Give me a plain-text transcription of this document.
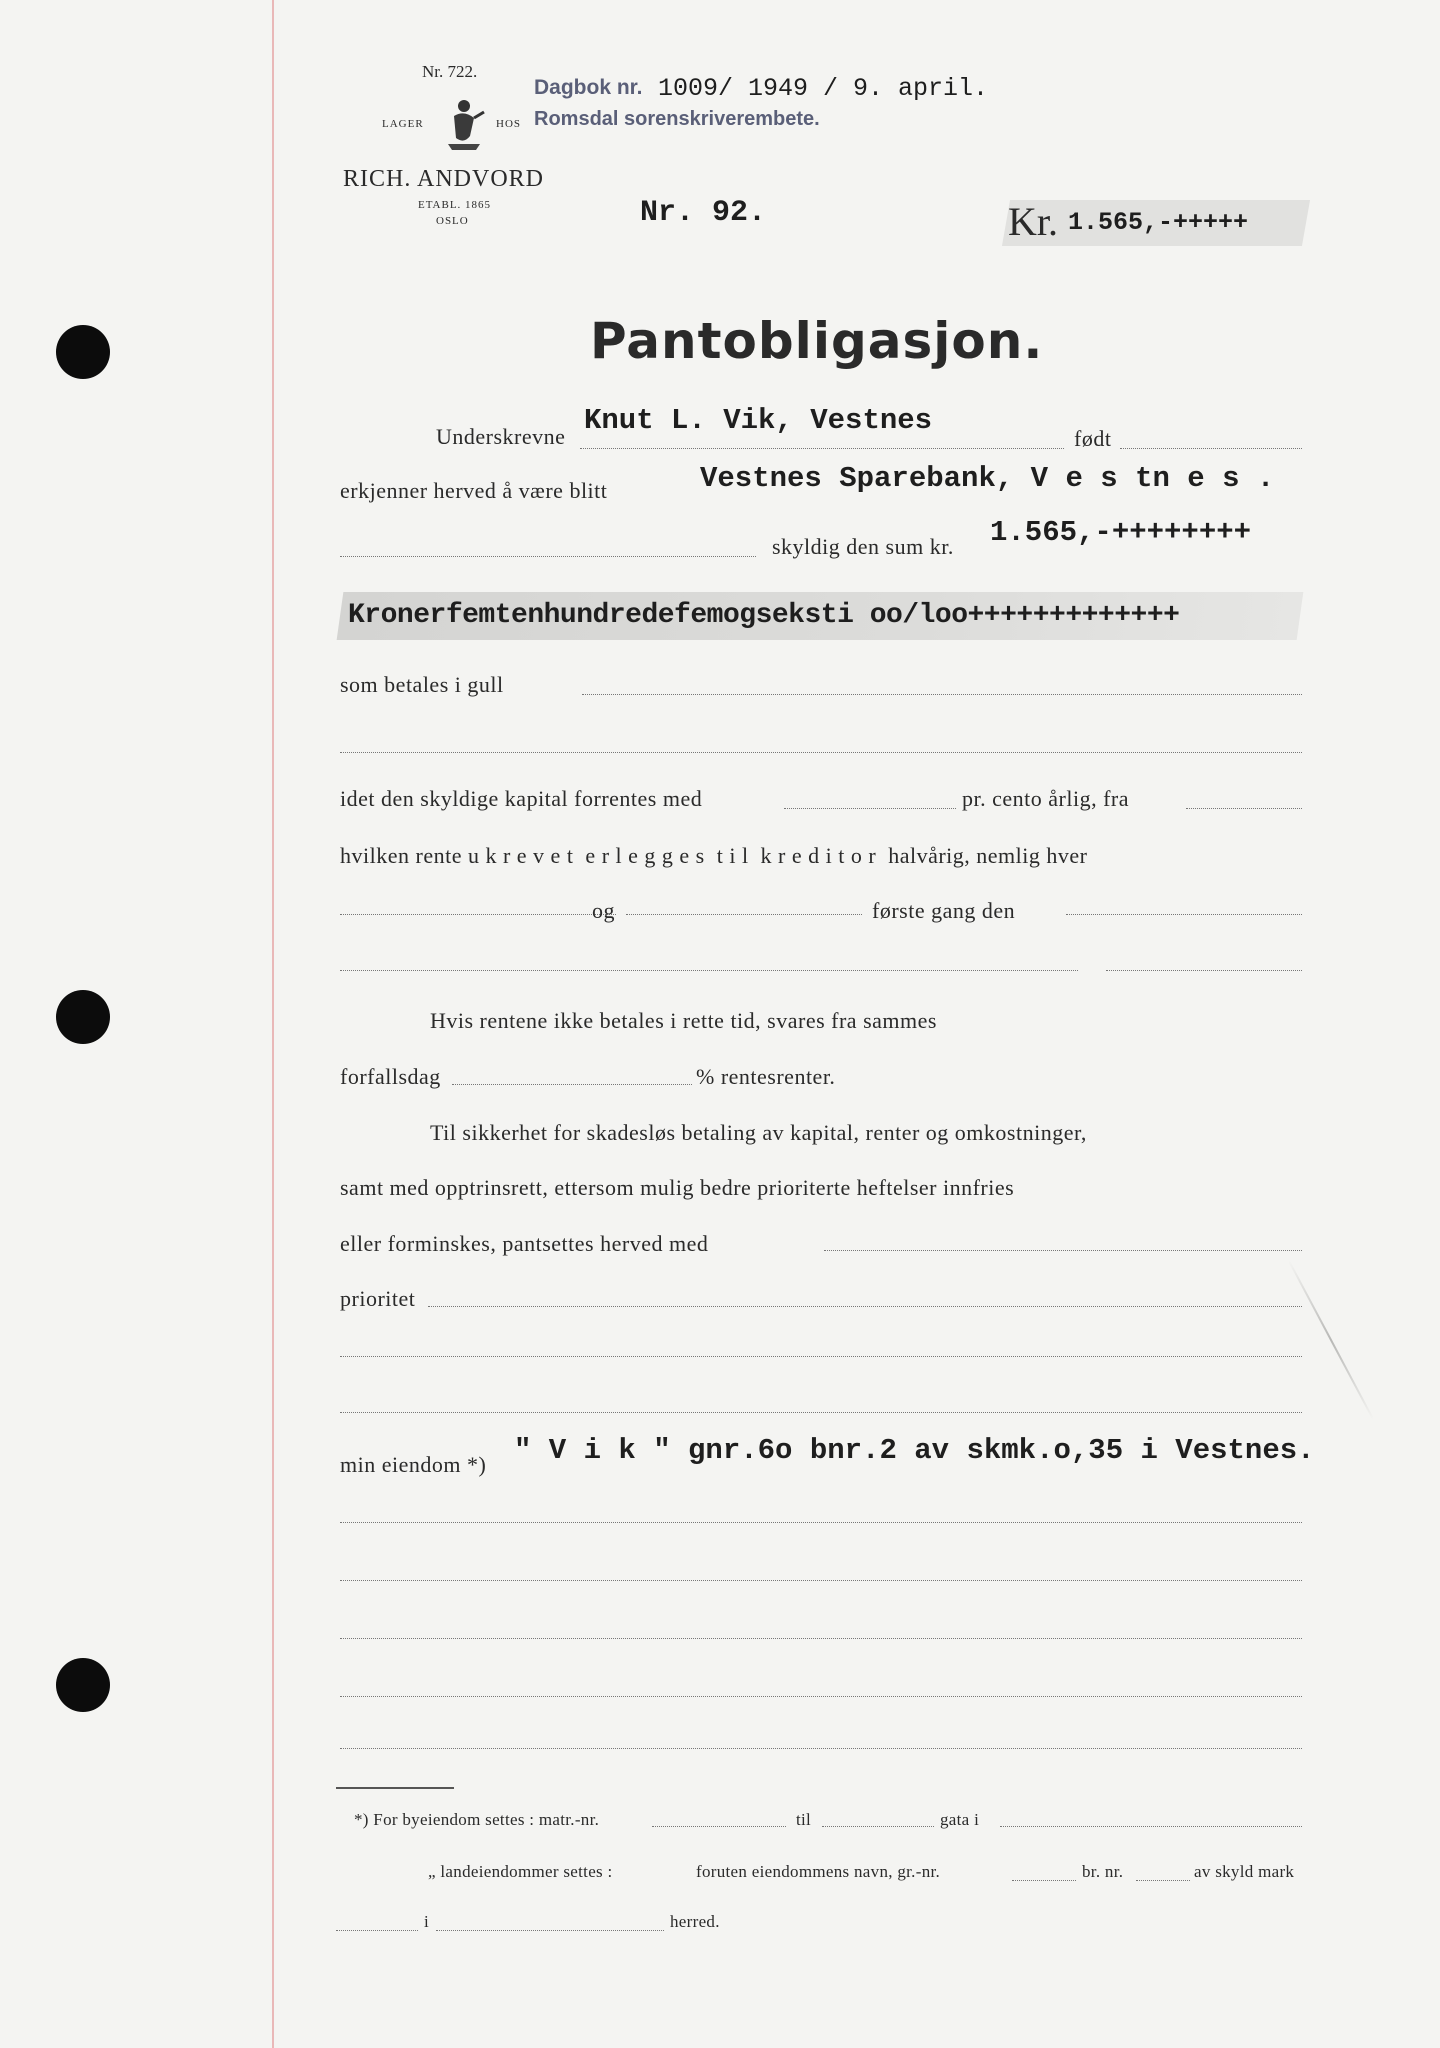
Nr. 722.
LAGER	HOS
RICH. ANDVORD
ETABL. 1865
OSLO
Dagbok nr. 1009/ 1949 / 9. april.
Romsdal sorenskriverembete.
Nr. 92.	Kr. 1.565,-+++++
Pantobligasjon.
Underskrevne Knut L. Vik, Vestnes
født
erkjenner herved å være blitt	Vestnes Sparebank, V e s tn e s .
skyldig den sum kr. 1.565,-++++++++
Kronerfemtenhundredefemogseksti oo/loo+++++++++++++
som betales i gull
idet den skyldige kapital forrentes med	pr. cento årlig, fra
hvilken rente u k r e v e t  e r l e g g e s  t i l  k r e d i t o r  halvårig, nemlig hver
og	første gang den
Hvis rentene ikke betales i rette tid, svares fra sammes
forfallsdag	% rentesrenter.
Til sikkerhet for skadesløs betaling av kapital, renter og omkostninger,
samt med opptrinsrett, ettersom mulig bedre prioriterte heftelser innfries
eller forminskes, pantsettes herved med
prioritet
min eiendom *) " V i k " gnr.6o bnr.2 av skmk.o,35 i Vestnes.
*) For byeiendom settes : matr.-nr.	til	gata i
„ landeiendommer settes :	foruten eiendommens navn, gr.-nr.	br. nr.	av skyld mark
i	herred.
